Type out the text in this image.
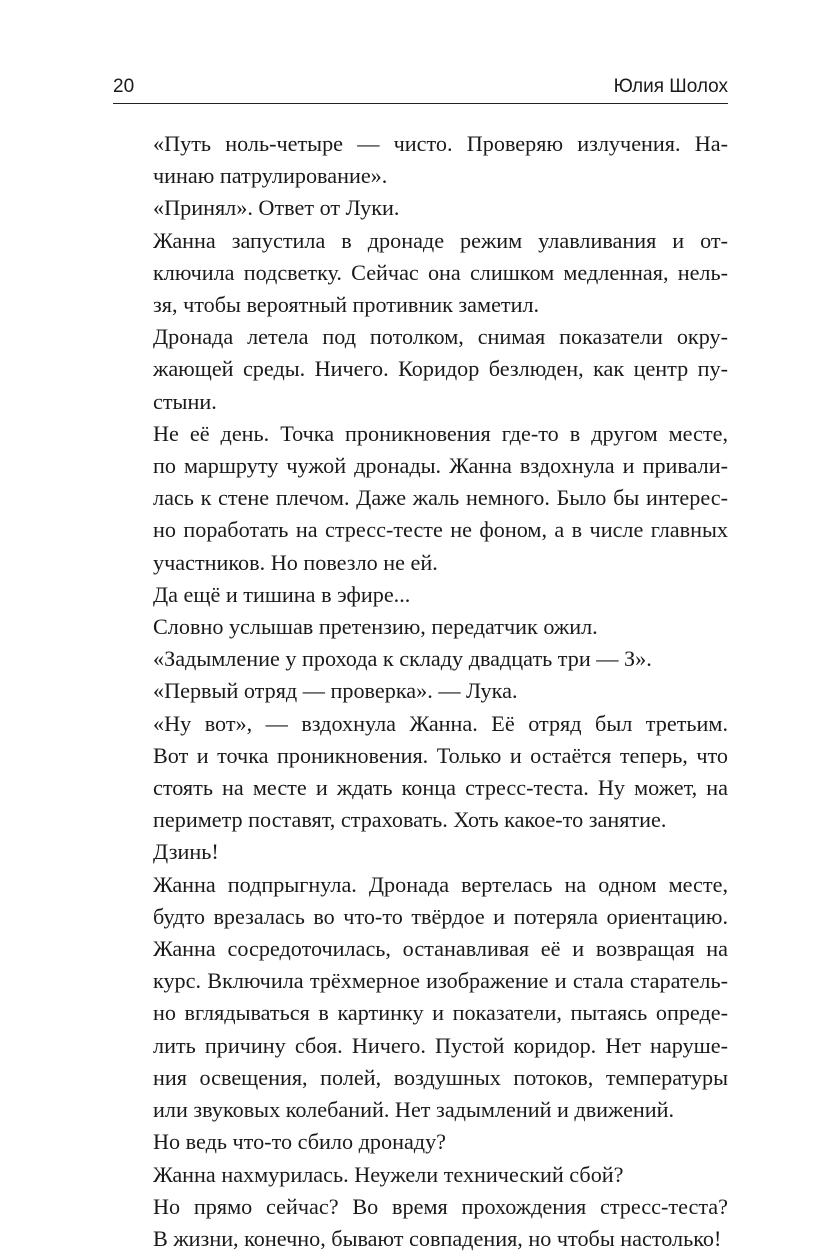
20	Юлия Шолох

«Путь ноль-четыре — чисто. Проверяю излучения. На-
чинаю патрулирование».

«Принял». Ответ от Луки.

Жанна запустила в дронаде режим улавливания и от-
ключила подсветку. Сейчас она слишком медленная, нель-
зя, чтобы вероятный противник заметил.

Дронада летела под потолком, снимая показатели окру-
жающей среды. Ничего. Коридор безлюден, как центр пу-
стыни.

Не её день. Точка проникновения где-то в другом месте,
по маршруту чужой дронады. Жанна вздохнула и привали-
лась к стене плечом. Даже жаль немного. Было бы интерес-
но поработать на стресс-тесте не фоном, а в числе главных
участников. Но повезло не ей.

Да ещё и тишина в эфире...

Словно услышав претензию, передатчик ожил.

«Задымление у прохода к складу двадцать три — З».

«Первый отряд — проверка». — Лука.

«Ну вот», — вздохнула Жанна. Её отряд был третьим.
Вот и точка проникновения. Только и остаётся теперь, что
стоять на месте и ждать конца стресс-теста. Ну может, на
периметр поставят, страховать. Хоть какое-то занятие.

Дзинь!

Жанна подпрыгнула. Дронада вертелась на одном месте,
будто врезалась во что-то твёрдое и потеряла ориентацию.
Жанна сосредоточилась, останавливая её и возвращая на
курс. Включила трёхмерное изображение и стала старатель-
но вглядываться в картинку и показатели, пытаясь опреде-
лить причину сбоя. Ничего. Пустой коридор. Нет наруше-
ния освещения, полей, воздушных потоков, температуры
или звуковых колебаний. Нет задымлений и движений.

Но ведь что-то сбило дронаду?

Жанна нахмурилась. Неужели технический сбой?

Но прямо сейчас? Во время прохождения стресс-теста?
В жизни, конечно, бывают совпадения, но чтобы настолько!
